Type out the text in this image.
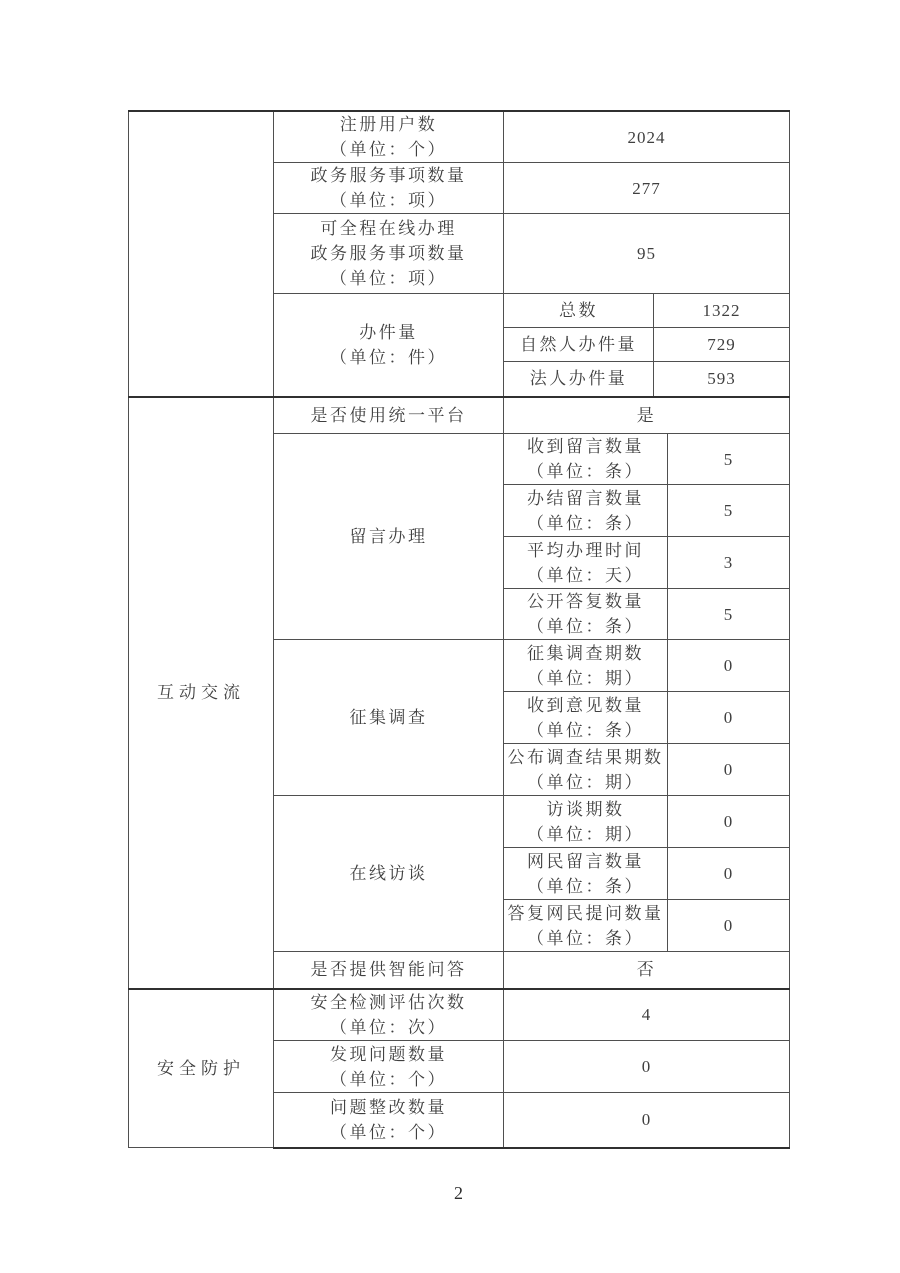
	注册用户数
（单位：个）	2024		

	政务服务事项数量
（单位：项）	277		

	可全程在线办理
政务服务事项数量
（单位：项）	95		

	办件量
（单位：件）	总数	1322	
		自然人办件量	729	
		法人办件量	593	
互动交流	是否使用统一平台	是		
	留言办理	收到留言数量
（单位：条）		5

		办结留言数量
（单位：条）		5

		平均办理时间
（单位：天）		3

		公开答复数量
（单位：条）		5
	征集调查	征集调查期数
（单位：期）		0

		收到意见数量
（单位：条）		0

		公布调查结果期数
（单位：期）		0
	在线访谈	访谈期数
（单位：期）		0

		网民留言数量
（单位：条）		0

		答复网民提问数量
（单位：条）		0
	是否提供智能问答	否		
安全防护	安全检测评估次数
（单位：次）	4		

	发现问题数量
（单位：个）	0		

	问题整改数量
（单位：个）	0		
2
